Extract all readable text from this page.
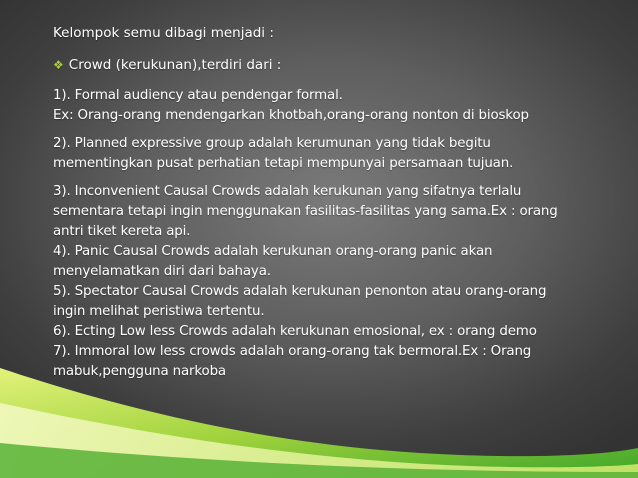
Kelompok semu dibagi menjadi :

❖ Crowd (kerukunan),terdiri dari :

1). Formal audiency atau pendengar formal.

Ex: Orang-orang mendengarkan khotbah,orang-orang nonton di bioskop

2). Planned expressive group adalah kerumunan yang tidak begitu

mementingkan pusat perhatian tetapi mempunyai persamaan tujuan.

3). Inconvenient Causal Crowds adalah kerukunan yang sifatnya terlalu

sementara tetapi ingin menggunakan fasilitas-fasilitas yang sama.Ex : orang

antri tiket kereta api.

4). Panic Causal Crowds adalah kerukunan orang-orang panic akan

menyelamatkan diri dari bahaya.

5). Spectator Causal Crowds adalah kerukunan penonton atau orang-orang

ingin melihat peristiwa tertentu.

6). Ecting Low less Crowds adalah kerukunan emosional, ex : orang demo

7). Immoral low less crowds adalah orang-orang tak bermoral.Ex : Orang

mabuk,pengguna narkoba
